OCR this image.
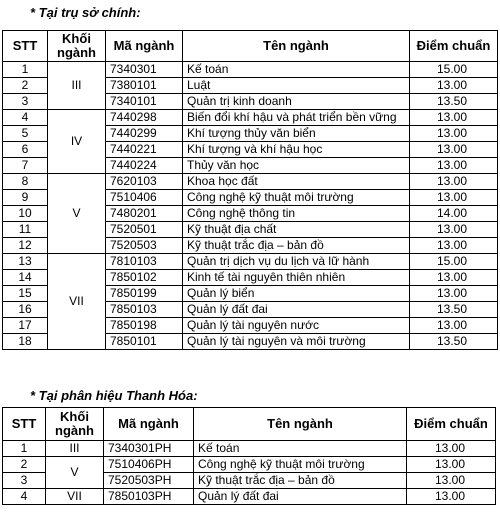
* Tại trụ sở chính:
STT	Khối ngành	Mã ngành	Tên ngành	Điểm chuẩn
1	III	7340301	Kế toán	15.00
2		7380101	Luật	13.00
3		7340101	Quản trị kinh doanh	13.50
4	IV	7440298	Biến đổi khí hậu và phát triển bền vững	13.00
5		7440299	Khí tượng thủy văn biển	13.00
6		7440221	Khí tượng và khí hậu học	13.00
7		7440224	Thủy văn học	13.00
8	V	7620103	Khoa học đất	13.00
9		7510406	Công nghệ kỹ thuật môi trường	13.00
10		7480201	Công nghệ thông tin	14.00
11		7520501	Kỹ thuật địa chất	13.00
12		7520503	Kỹ thuật trắc địa – bản đồ	13.00
13	VII	7810103	Quản trị dịch vụ du lịch và lữ hành	15.00
14		7850102	Kinh tế tài nguyên thiên nhiên	13.00
15		7850199	Quản lý biển	13.00
16		7850103	Quản lý đất đai	13.50
17		7850198	Quản lý tài nguyên nước	13.00
18		7850101	Quản lý tài nguyên và môi trường	13.50
* Tại phân hiệu Thanh Hóa:
STT	Khối ngành	Mã ngành	Tên ngành	Điểm chuẩn
1	III	7340301PH	Kế toán	13.00
2	V	7510406PH	Công nghệ kỹ thuật môi trường	13.00
3		7520503PH	Kỹ thuật trắc địa – bản đồ	13.00
4	VII	7850103PH	Quản lý đất đai	13.00
